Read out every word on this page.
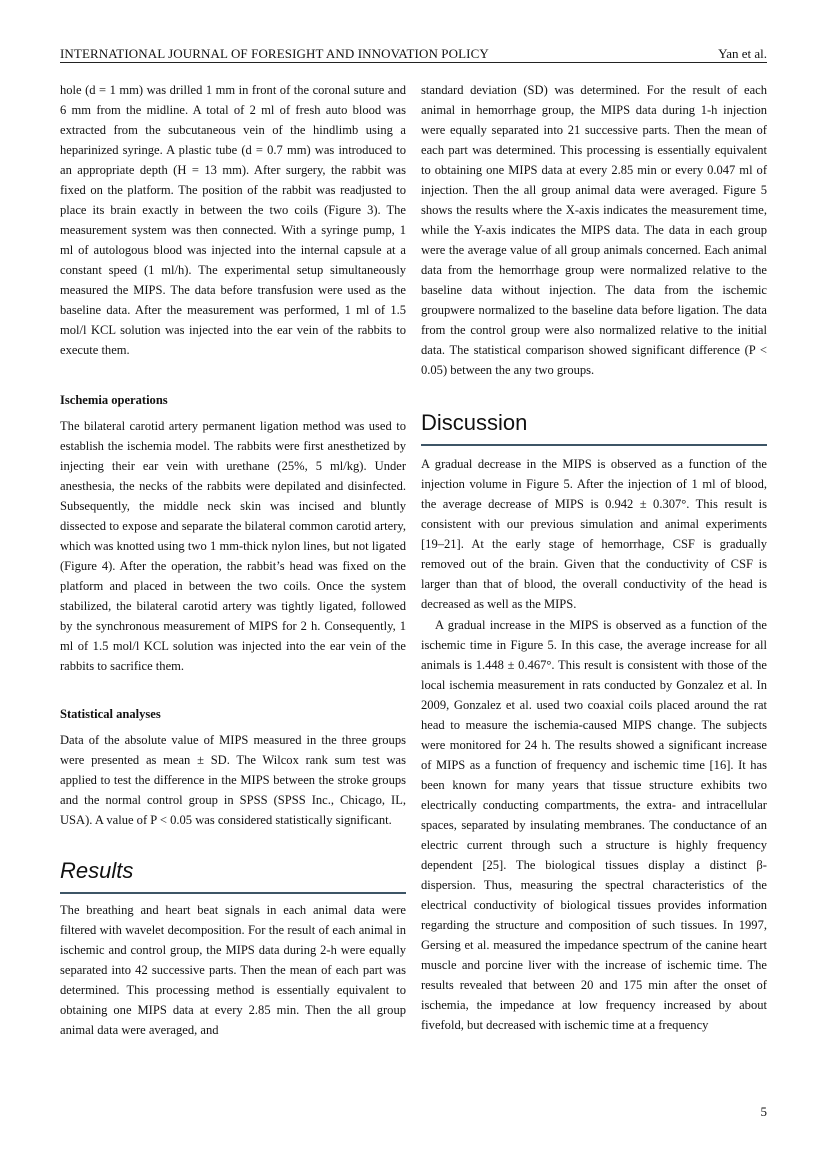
INTERNATIONAL JOURNAL OF FORESIGHT AND INNOVATION POLICY	Yan et al.

hole (d = 1 mm) was drilled 1 mm in front of the coronal suture and 6 mm from the midline. A total of 2 ml of fresh auto blood was extracted from the subcutaneous vein of the hindlimb using a heparinized syringe. A plastic tube (d = 0.7 mm) was introduced to an appropriate depth (H = 13 mm). After surgery, the rabbit was fixed on the platform. The position of the rabbit was readjusted to place its brain exactly in between the two coils (Figure 3). The measurement system was then connected. With a syringe pump, 1 ml of autologous blood was injected into the internal capsule at a constant speed (1 ml/h). The experimental setup simultaneously measured the MIPS. The data before transfusion were used as the baseline data. After the measurement was performed, 1 ml of 1.5 mol/l KCL solution was injected into the ear vein of the rabbits to execute them.

Ischemia operations

The bilateral carotid artery permanent ligation method was used to establish the ischemia model. The rabbits were first anesthetized by injecting their ear vein with urethane (25%, 5 ml/kg). Under anesthesia, the necks of the rabbits were depilated and disinfected. Subsequently, the middle neck skin was incised and bluntly dissected to expose and separate the bilateral common carotid artery, which was knotted using two 1 mm-thick nylon lines, but not ligated (Figure 4). After the operation, the rabbit’s head was fixed on the platform and placed in between the two coils. Once the system stabilized, the bilateral carotid artery was tightly ligated, followed by the synchronous measurement of MIPS for 2 h. Consequently, 1 ml of 1.5 mol/l KCL solution was injected into the ear vein of the rabbits to sacrifice them.

Statistical analyses

Data of the absolute value of MIPS measured in the three groups were presented as mean ± SD. The Wilcox rank sum test was applied to test the difference in the MIPS between the stroke groups and the normal control group in SPSS (SPSS Inc., Chicago, IL, USA). A value of P < 0.05 was considered statistically significant.

Results

The breathing and heart beat signals in each animal data were filtered with wavelet decomposition. For the result of each animal in ischemic and control group, the MIPS data during 2-h were equally separated into 42 successive parts. Then the mean of each part was determined. This processing method is essentially equivalent to obtaining one MIPS data at every 2.85 min. Then the all group animal data were averaged, and

standard deviation (SD) was determined. For the result of each animal in hemorrhage group, the MIPS data during 1-h injection were equally separated into 21 successive parts. Then the mean of each part was determined. This processing is essentially equivalent to obtaining one MIPS data at every 2.85 min or every 0.047 ml of injection. Then the all group animal data were averaged. Figure 5 shows the results where the X-axis indicates the measurement time, while the Y-axis indicates the MIPS data. The data in each group were the average value of all group animals concerned. Each animal data from the hemorrhage group were normalized relative to the baseline data without injection. The data from the ischemic groupwere normalized to the baseline data before ligation. The data from the control group were also normalized relative to the initial data. The statistical comparison showed significant difference (P < 0.05) between the any two groups.

Discussion

A gradual decrease in the MIPS is observed as a function of the injection volume in Figure 5. After the injection of 1 ml of blood, the average decrease of MIPS is 0.942 ± 0.307°. This result is consistent with our previous simulation and animal experiments [19–21]. At the early stage of hemorrhage, CSF is gradually removed out of the brain. Given that the conductivity of CSF is larger than that of blood, the overall conductivity of the head is decreased as well as the MIPS.

A gradual increase in the MIPS is observed as a function of the ischemic time in Figure 5. In this case, the average increase for all animals is 1.448 ± 0.467°. This result is consistent with those of the local ischemia measurement in rats conducted by Gonzalez et al. In 2009, Gonzalez et al. used two coaxial coils placed around the rat head to measure the ischemia-caused MIPS change. The subjects were monitored for 24 h. The results showed a significant increase of MIPS as a function of frequency and ischemic time [16]. It has been known for many years that tissue structure exhibits two electrically conducting compartments, the extra- and intracellular spaces, separated by insulating membranes. The conductance of an electric current through such a structure is highly frequency dependent [25]. The biological tissues display a distinct β-dispersion. Thus, measuring the spectral characteristics of the electrical conductivity of biological tissues provides information regarding the structure and composition of such tissues. In 1997, Gersing et al. measured the impedance spectrum of the canine heart muscle and porcine liver with the increase of ischemic time. The results revealed that between 20 and 175 min after the onset of ischemia, the impedance at low frequency increased by about fivefold, but decreased with ischemic time at a frequency

5
